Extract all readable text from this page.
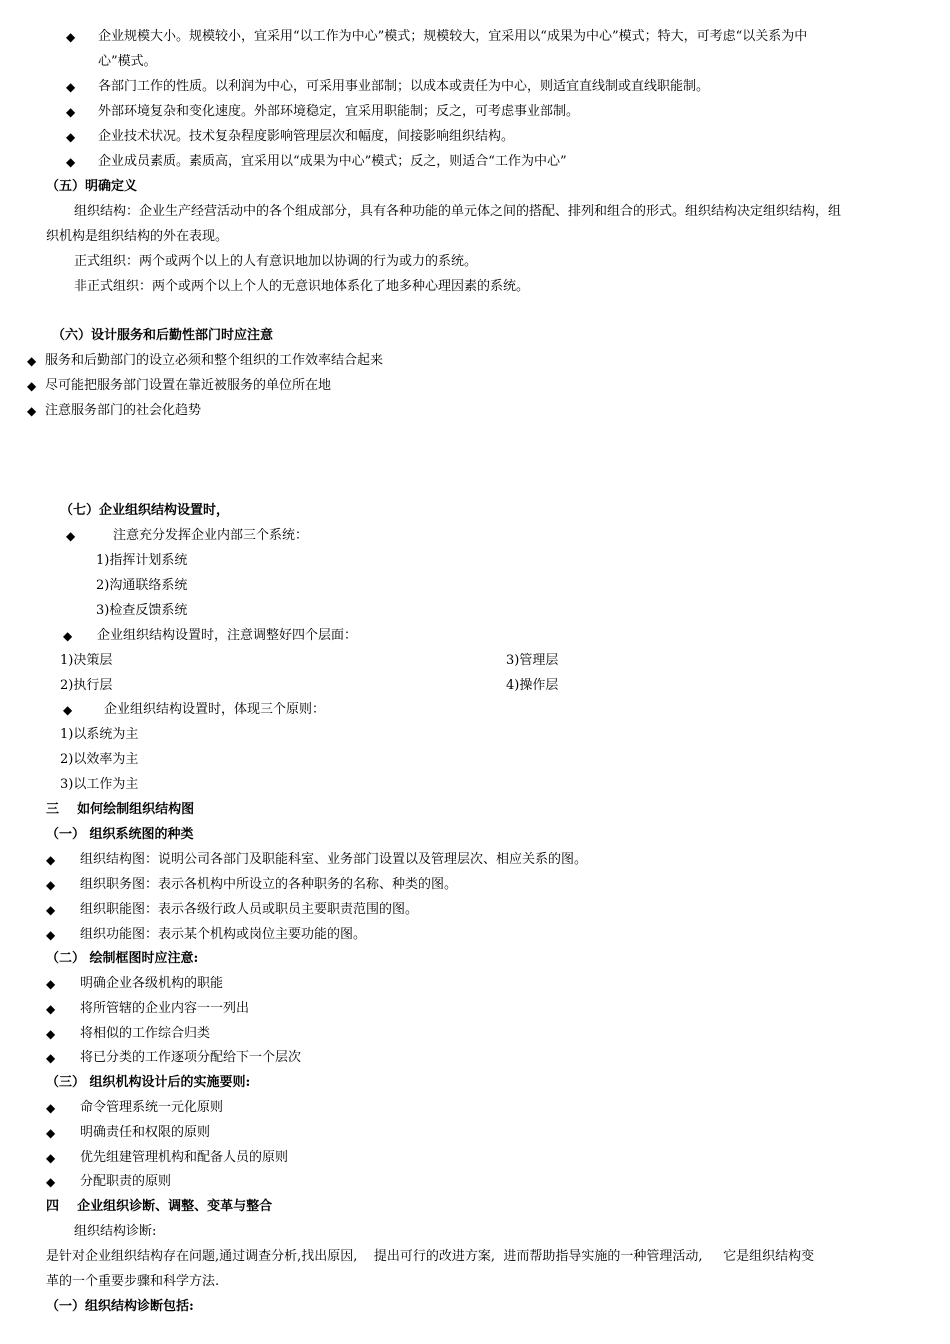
◆ 企业规模大小。规模较小，宜采用“以工作为中心”模式；规模较大，宜采用以“成果为中心”模式；特大，可考虑“以关系为中
心”模式。
◆ 各部门工作的性质。以利润为中心，可采用事业部制；以成本或责任为中心，则适宜直线制或直线职能制。
◆ 外部环境复杂和变化速度。外部环境稳定，宜采用职能制；反之，可考虑事业部制。
◆ 企业技术状况。技术复杂程度影响管理层次和幅度，间接影响组织结构。
◆ 企业成员素质。素质高，宜采用以“成果为中心”模式；反之，则适合“工作为中心”
（五）明确定义
组织结构：企业生产经营活动中的各个组成部分，具有各种功能的单元体之间的搭配、排列和组合的形式。组织结构决定组织结构，组
织机构是组织结构的外在表现。
正式组织：两个或两个以上的人有意识地加以协调的行为或力的系统。
非正式组织：两个或两个以上个人的无意识地体系化了地多种心理因素的系统。
（六）设计服务和后勤性部门时应注意
◆ 服务和后勤部门的设立必须和整个组织的工作效率结合起来
◆ 尽可能把服务部门设置在靠近被服务的单位所在地
◆ 注意服务部门的社会化趋势
（七）企业组织结构设置时，
◆	注意充分发挥企业内部三个系统：
1)指挥计划系统
2)沟通联络系统
3)检查反馈系统
◆ 企业组织结构设置时，注意调整好四个层面：
1)决策层	3)管理层
2)执行层	4)操作层
◆ 企业组织结构设置时，体现三个原则：
1)以系统为主
2)以效率为主
3)以工作为主
三    如何绘制组织结构图
（一） 组织系统图的种类
◆ 组织结构图：说明公司各部门及职能科室、业务部门设置以及管理层次、相应关系的图。
◆ 组织职务图：表示各机构中所设立的各种职务的名称、种类的图。
◆ 组织职能图：表示各级行政人员或职员主要职责范围的图。
◆ 组织功能图：表示某个机构或岗位主要功能的图。
（二） 绘制框图时应注意:
◆ 明确企业各级机构的职能
◆ 将所管辖的企业内容一一列出
◆ 将相似的工作综合归类
◆ 将已分类的工作逐项分配给下一个层次
（三） 组织机构设计后的实施要则:
◆ 命令管理系统一元化原则
◆ 明确责任和权限的原则
◆ 优先组建管理机构和配备人员的原则
◆ 分配职责的原则
四    企业组织诊断、调整、变革与整合
组织结构诊断:
是针对企业组织结构存在问题,通过调查分析,找出原因,    提出可行的改进方案,  进而帮助指导实施的一种管理活动,     它是组织结构变
革的一个重要步骤和科学方法.
（一）组织结构诊断包括:
